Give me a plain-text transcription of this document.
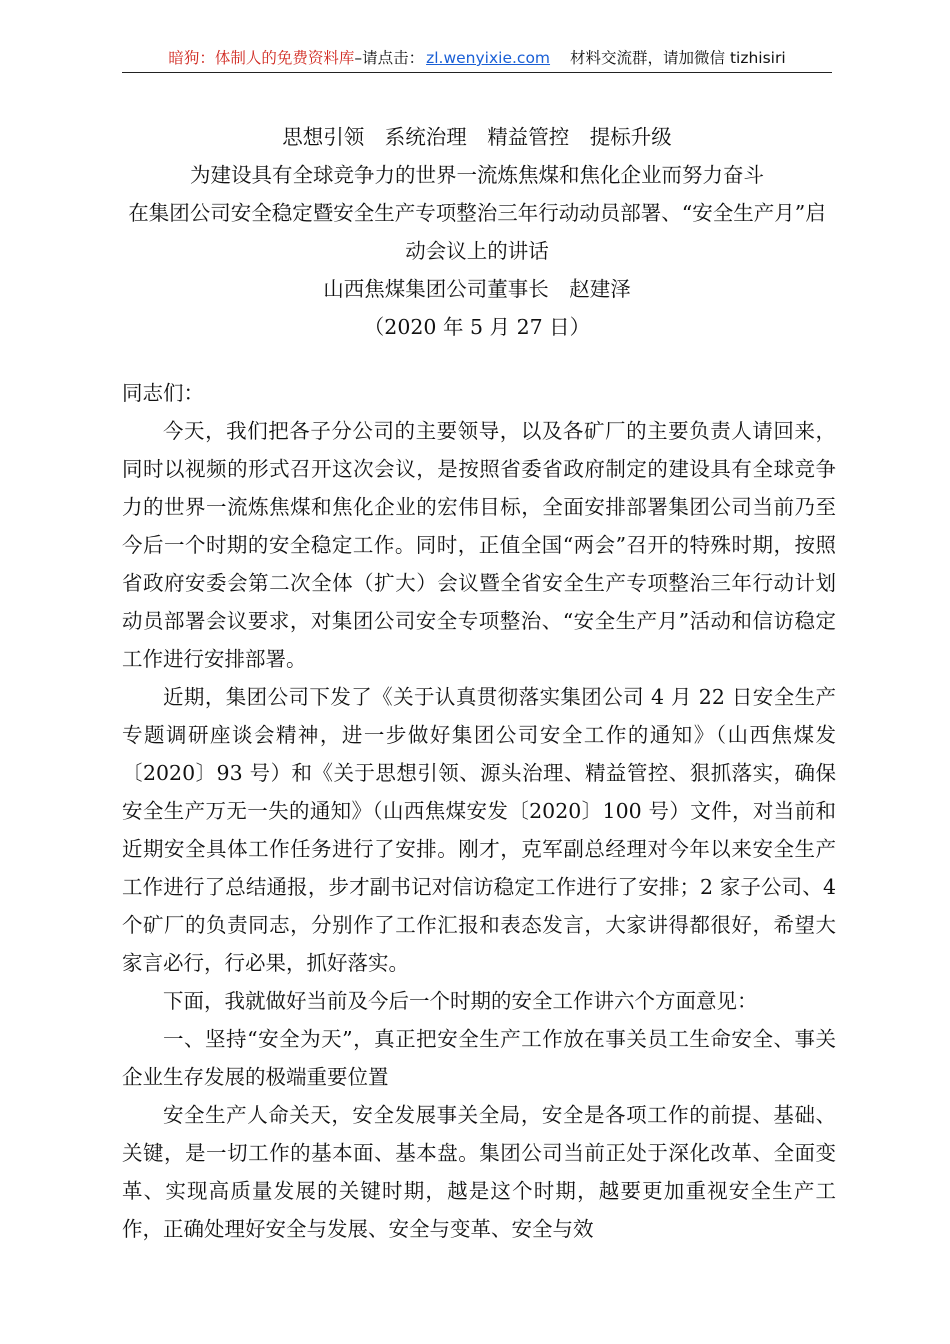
暗狗：体制人的免费资料库–请点击： zl.wenyixie.com 材料交流群，请加微信 tizhisiri
思想引领　系统治理　精益管控　提标升级
为建设具有全球竞争力的世界一流炼焦煤和焦化企业而努力奋斗
在集团公司安全稳定暨安全生产专项整治三年行动动员部署、“安全生产月”启动会议上的讲话
山西焦煤集团公司董事长　赵建泽
（2020 年 5 月 27 日）

同志们：

今天，我们把各子分公司的主要领导，以及各矿厂的主要负责人请回来，同时以视频的形式召开这次会议，是按照省委省政府制定的建设具有全球竞争力的世界一流炼焦煤和焦化企业的宏伟目标，全面安排部署集团公司当前乃至今后一个时期的安全稳定工作。同时，正值全国“两会”召开的特殊时期，按照省政府安委会第二次全体（扩大）会议暨全省安全生产专项整治三年行动计划动员部署会议要求，对集团公司安全专项整治、“安全生产月”活动和信访稳定工作进行安排部署。

近期，集团公司下发了《关于认真贯彻落实集团公司 4 月 22 日安全生产专题调研座谈会精神，进一步做好集团公司安全工作的通知》（山西焦煤发〔2020〕93 号）和《关于思想引领、源头治理、精益管控、狠抓落实，确保安全生产万无一失的通知》（山西焦煤安发〔2020〕100 号）文件，对当前和近期安全具体工作任务进行了安排。刚才，克军副总经理对今年以来安全生产工作进行了总结通报，步才副书记对信访稳定工作进行了安排；2 家子公司、4 个矿厂的负责同志，分别作了工作汇报和表态发言，大家讲得都很好，希望大家言必行，行必果，抓好落实。

下面，我就做好当前及今后一个时期的安全工作讲六个方面意见：

一、坚持“安全为天”，真正把安全生产工作放在事关员工生命安全、事关企业生存发展的极端重要位置

安全生产人命关天，安全发展事关全局，安全是各项工作的前提、基础、关键，是一切工作的基本面、基本盘。集团公司当前正处于深化改革、全面变革、实现高质量发展的关键时期，越是这个时期，越要更加重视安全生产工作，正确处理好安全与发展、安全与变革、安全与效
